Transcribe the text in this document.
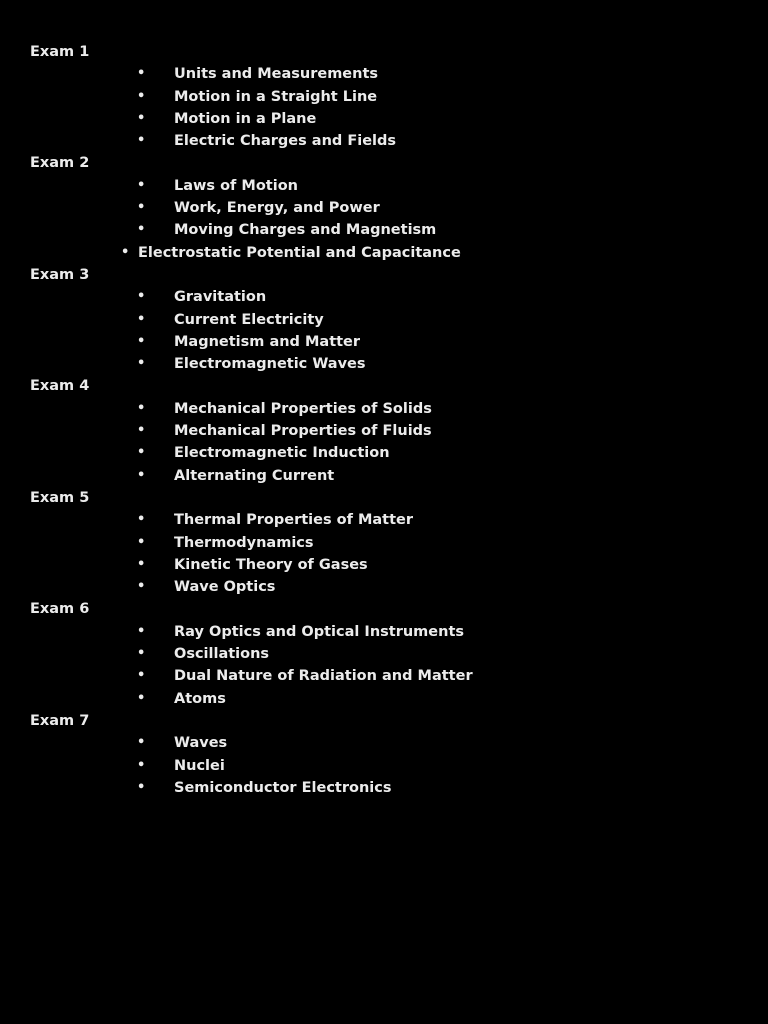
Exam 1
• Units and Measurements
• Motion in a Straight Line
• Motion in a Plane
• Electric Charges and Fields
Exam 2
• Laws of Motion
• Work, Energy, and Power
• Moving Charges and Magnetism
• Electrostatic Potential and Capacitance
Exam 3
• Gravitation
• Current Electricity
• Magnetism and Matter
• Electromagnetic Waves
Exam 4
• Mechanical Properties of Solids
• Mechanical Properties of Fluids
• Electromagnetic Induction
• Alternating Current
Exam 5
• Thermal Properties of Matter
• Thermodynamics
• Kinetic Theory of Gases
• Wave Optics
Exam 6
• Ray Optics and Optical Instruments
• Oscillations
• Dual Nature of Radiation and Matter
• Atoms
Exam 7
• Waves
• Nuclei
• Semiconductor Electronics
